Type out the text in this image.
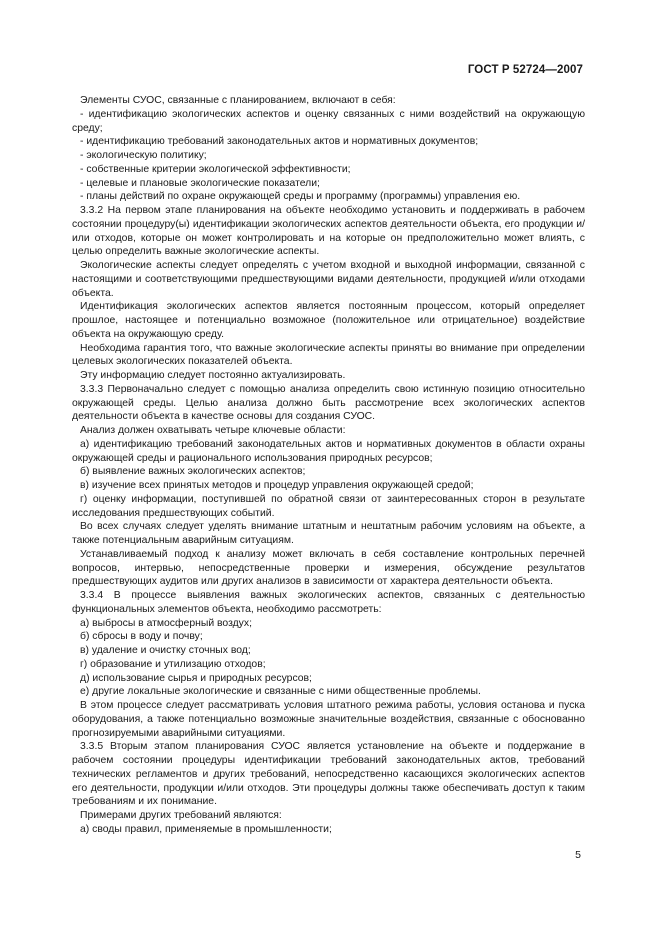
ГОСТ Р 52724—2007

Элементы СУОС, связанные с планированием, включают в себя:

- идентификацию экологических аспектов и оценку связанных с ними воздействий на окружающую среду;

- идентификацию требований законодательных актов и нормативных документов;

- экологическую политику;

- собственные критерии экологической эффективности;

- целевые и плановые экологические показатели;

- планы действий по охране окружающей среды и программу (программы) управления ею.

3.3.2 На первом этапе планирования на объекте необходимо установить и поддерживать в рабочем состоянии процедуру(ы) идентификации экологических аспектов деятельности объекта, его продукции и/или отходов, которые он может контролировать и на которые он предположительно может влиять, с целью определить важные экологические аспекты.

Экологические аспекты следует определять с учетом входной и выходной информации, связанной с настоящими и соответствующими предшествующими видами деятельности, продукцией и/или отходами объекта.

Идентификация экологических аспектов является постоянным процессом, который определяет прошлое, настоящее и потенциально возможное (положительное или отрицательное) воздействие объекта на окружающую среду.

Необходима гарантия того, что важные экологические аспекты приняты во внимание при определении целевых экологических показателей объекта.

Эту информацию следует постоянно актуализировать.

3.3.3 Первоначально следует с помощью анализа определить свою истинную позицию относительно окружающей среды. Целью анализа должно быть рассмотрение всех экологических аспектов деятельности объекта в качестве основы для создания СУОС.

Анализ должен охватывать четыре ключевые области:

а) идентификацию требований законодательных актов и нормативных документов в области охраны окружающей среды и рационального использования природных ресурсов;

б) выявление важных экологических аспектов;

в) изучение всех принятых методов и процедур управления окружающей средой;

г) оценку информации, поступившей по обратной связи от заинтересованных сторон в результате исследования предшествующих событий.

Во всех случаях следует уделять внимание штатным и нештатным рабочим условиям на объекте, а также потенциальным аварийным ситуациям.

Устанавливаемый подход к анализу может включать в себя составление контрольных перечней вопросов, интервью, непосредственные проверки и измерения, обсуждение результатов предшествующих аудитов или других анализов в зависимости от характера деятельности объекта.

3.3.4 В процессе выявления важных экологических аспектов, связанных с деятельностью функциональных элементов объекта, необходимо рассмотреть:

а) выбросы в атмосферный воздух;

б) сбросы в воду и почву;

в) удаление и очистку сточных вод;

г) образование и утилизацию отходов;

д) использование сырья и природных ресурсов;

е) другие локальные экологические и связанные с ними общественные проблемы.

В этом процессе следует рассматривать условия штатного режима работы, условия останова и пуска оборудования, а также потенциально возможные значительные воздействия, связанные с обоснованно прогнозируемыми аварийными ситуациями.

3.3.5 Вторым этапом планирования СУОС является установление на объекте и поддержание в рабочем состоянии процедуры идентификации требований законодательных актов, требований технических регламентов и других требований, непосредственно касающихся экологических аспектов его деятельности, продукции и/или отходов. Эти процедуры должны также обеспечивать доступ к таким требованиям и их понимание.

Примерами других требований являются:

а) своды правил, применяемые в промышленности;

5
